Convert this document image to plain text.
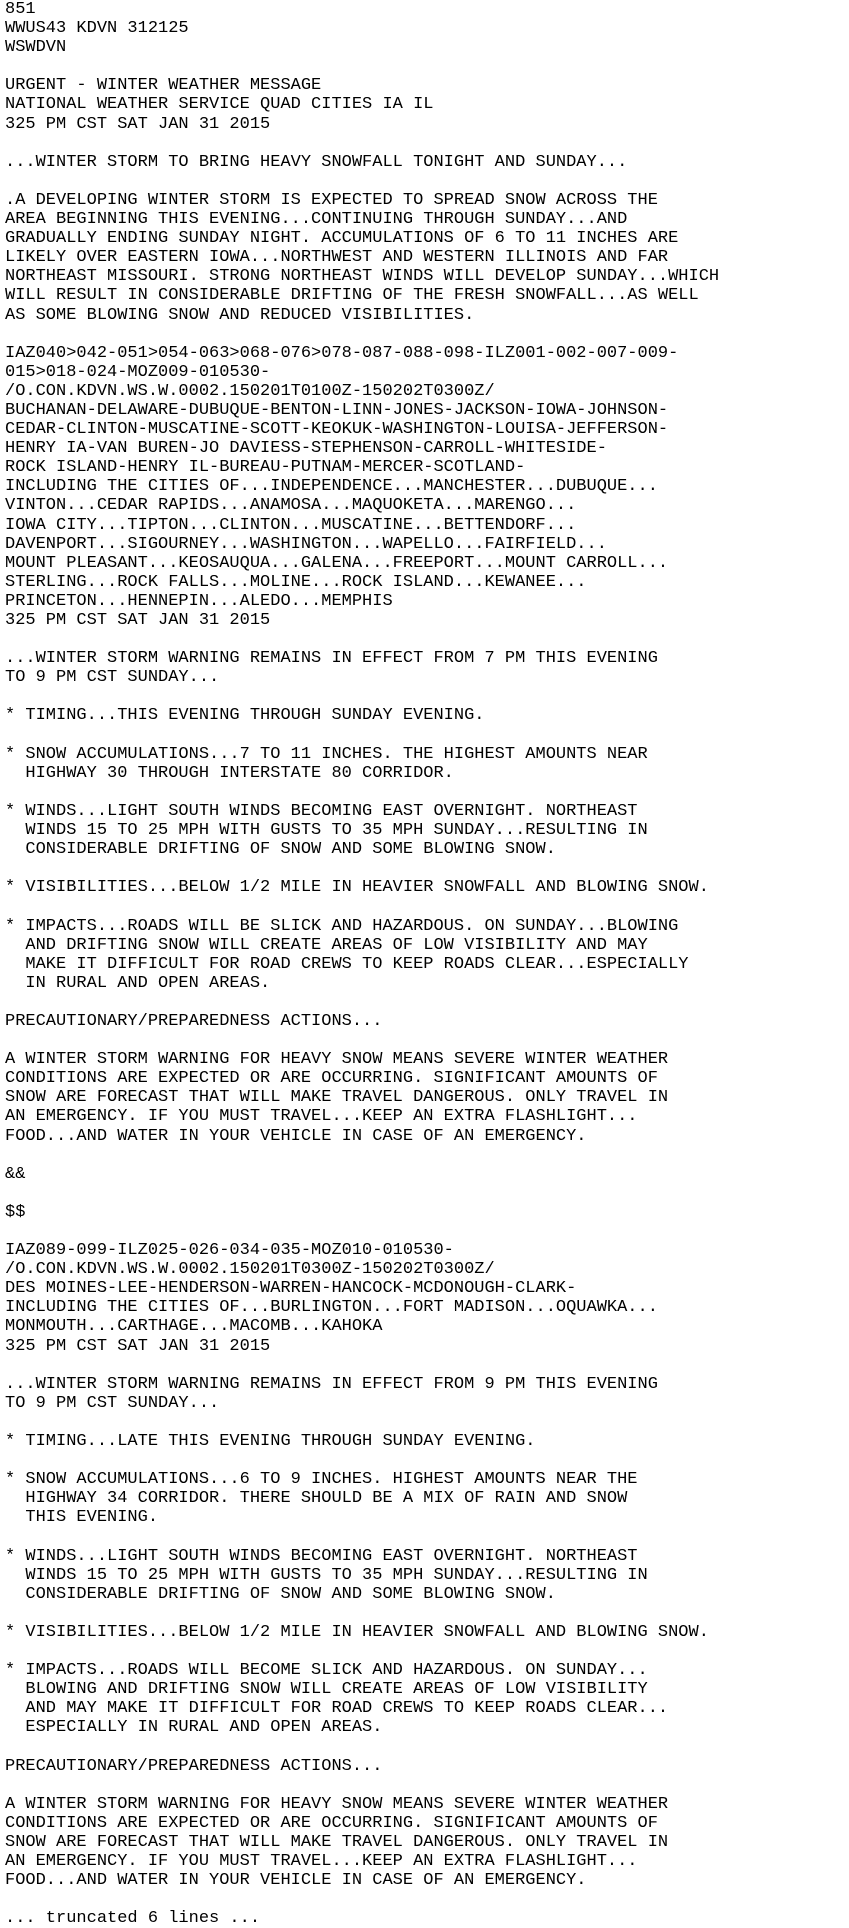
851
WWUS43 KDVN 312125
WSWDVN
URGENT - WINTER WEATHER MESSAGE
NATIONAL WEATHER SERVICE QUAD CITIES IA IL
325 PM CST SAT JAN 31 2015
...WINTER STORM TO BRING HEAVY SNOWFALL TONIGHT AND SUNDAY...
.A DEVELOPING WINTER STORM IS EXPECTED TO SPREAD SNOW ACROSS THE
AREA BEGINNING THIS EVENING...CONTINUING THROUGH SUNDAY...AND
GRADUALLY ENDING SUNDAY NIGHT. ACCUMULATIONS OF 6 TO 11 INCHES ARE
LIKELY OVER EASTERN IOWA...NORTHWEST AND WESTERN ILLINOIS AND FAR
NORTHEAST MISSOURI. STRONG NORTHEAST WINDS WILL DEVELOP SUNDAY...WHICH
WILL RESULT IN CONSIDERABLE DRIFTING OF THE FRESH SNOWFALL...AS WELL
AS SOME BLOWING SNOW AND REDUCED VISIBILITIES.
IAZ040>042-051>054-063>068-076>078-087-088-098-ILZ001-002-007-009-
015>018-024-MOZ009-010530-
/O.CON.KDVN.WS.W.0002.150201T0100Z-150202T0300Z/
BUCHANAN-DELAWARE-DUBUQUE-BENTON-LINN-JONES-JACKSON-IOWA-JOHNSON-
CEDAR-CLINTON-MUSCATINE-SCOTT-KEOKUK-WASHINGTON-LOUISA-JEFFERSON-
HENRY IA-VAN BUREN-JO DAVIESS-STEPHENSON-CARROLL-WHITESIDE-
ROCK ISLAND-HENRY IL-BUREAU-PUTNAM-MERCER-SCOTLAND-
INCLUDING THE CITIES OF...INDEPENDENCE...MANCHESTER...DUBUQUE...
VINTON...CEDAR RAPIDS...ANAMOSA...MAQUOKETA...MARENGO...
IOWA CITY...TIPTON...CLINTON...MUSCATINE...BETTENDORF...
DAVENPORT...SIGOURNEY...WASHINGTON...WAPELLO...FAIRFIELD...
MOUNT PLEASANT...KEOSAUQUA...GALENA...FREEPORT...MOUNT CARROLL...
STERLING...ROCK FALLS...MOLINE...ROCK ISLAND...KEWANEE...
PRINCETON...HENNEPIN...ALEDO...MEMPHIS
325 PM CST SAT JAN 31 2015
...WINTER STORM WARNING REMAINS IN EFFECT FROM 7 PM THIS EVENING
TO 9 PM CST SUNDAY...
* TIMING...THIS EVENING THROUGH SUNDAY EVENING.
* SNOW ACCUMULATIONS...7 TO 11 INCHES. THE HIGHEST AMOUNTS NEAR
HIGHWAY 30 THROUGH INTERSTATE 80 CORRIDOR.
* WINDS...LIGHT SOUTH WINDS BECOMING EAST OVERNIGHT. NORTHEAST
WINDS 15 TO 25 MPH WITH GUSTS TO 35 MPH SUNDAY...RESULTING IN
CONSIDERABLE DRIFTING OF SNOW AND SOME BLOWING SNOW.
* VISIBILITIES...BELOW 1/2 MILE IN HEAVIER SNOWFALL AND BLOWING SNOW.
* IMPACTS...ROADS WILL BE SLICK AND HAZARDOUS. ON SUNDAY...BLOWING
AND DRIFTING SNOW WILL CREATE AREAS OF LOW VISIBILITY AND MAY
MAKE IT DIFFICULT FOR ROAD CREWS TO KEEP ROADS CLEAR...ESPECIALLY
IN RURAL AND OPEN AREAS.
PRECAUTIONARY/PREPAREDNESS ACTIONS...
A WINTER STORM WARNING FOR HEAVY SNOW MEANS SEVERE WINTER WEATHER
CONDITIONS ARE EXPECTED OR ARE OCCURRING. SIGNIFICANT AMOUNTS OF
SNOW ARE FORECAST THAT WILL MAKE TRAVEL DANGEROUS. ONLY TRAVEL IN
AN EMERGENCY. IF YOU MUST TRAVEL...KEEP AN EXTRA FLASHLIGHT...
FOOD...AND WATER IN YOUR VEHICLE IN CASE OF AN EMERGENCY.
&&
$$
IAZ089-099-ILZ025-026-034-035-MOZ010-010530-
/O.CON.KDVN.WS.W.0002.150201T0300Z-150202T0300Z/
DES MOINES-LEE-HENDERSON-WARREN-HANCOCK-MCDONOUGH-CLARK-
INCLUDING THE CITIES OF...BURLINGTON...FORT MADISON...OQUAWKA...
MONMOUTH...CARTHAGE...MACOMB...KAHOKA
325 PM CST SAT JAN 31 2015
...WINTER STORM WARNING REMAINS IN EFFECT FROM 9 PM THIS EVENING
TO 9 PM CST SUNDAY...
* TIMING...LATE THIS EVENING THROUGH SUNDAY EVENING.
* SNOW ACCUMULATIONS...6 TO 9 INCHES. HIGHEST AMOUNTS NEAR THE
HIGHWAY 34 CORRIDOR. THERE SHOULD BE A MIX OF RAIN AND SNOW
THIS EVENING.
* WINDS...LIGHT SOUTH WINDS BECOMING EAST OVERNIGHT. NORTHEAST
WINDS 15 TO 25 MPH WITH GUSTS TO 35 MPH SUNDAY...RESULTING IN
CONSIDERABLE DRIFTING OF SNOW AND SOME BLOWING SNOW.
* VISIBILITIES...BELOW 1/2 MILE IN HEAVIER SNOWFALL AND BLOWING SNOW.
* IMPACTS...ROADS WILL BECOME SLICK AND HAZARDOUS. ON SUNDAY...
BLOWING AND DRIFTING SNOW WILL CREATE AREAS OF LOW VISIBILITY
AND MAY MAKE IT DIFFICULT FOR ROAD CREWS TO KEEP ROADS CLEAR...
ESPECIALLY IN RURAL AND OPEN AREAS.
PRECAUTIONARY/PREPAREDNESS ACTIONS...
A WINTER STORM WARNING FOR HEAVY SNOW MEANS SEVERE WINTER WEATHER
CONDITIONS ARE EXPECTED OR ARE OCCURRING. SIGNIFICANT AMOUNTS OF
SNOW ARE FORECAST THAT WILL MAKE TRAVEL DANGEROUS. ONLY TRAVEL IN
AN EMERGENCY. IF YOU MUST TRAVEL...KEEP AN EXTRA FLASHLIGHT...
FOOD...AND WATER IN YOUR VEHICLE IN CASE OF AN EMERGENCY.
... truncated 6 lines ...
